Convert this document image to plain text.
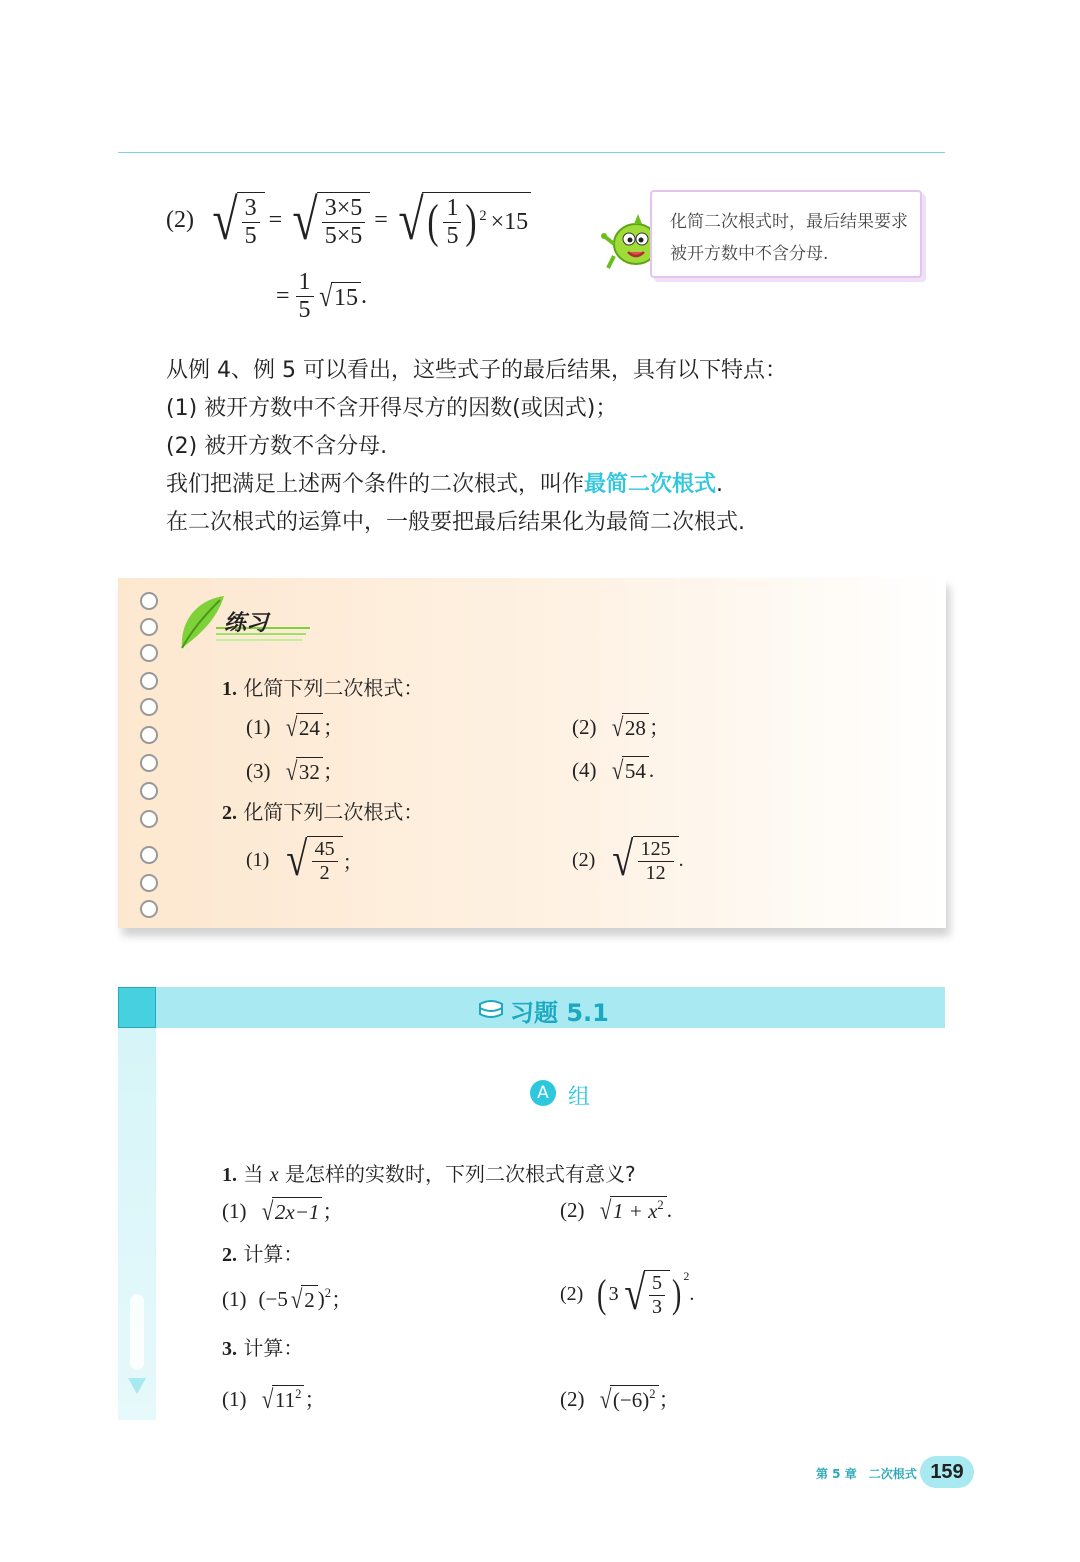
(2) √ $\frac{3}{5}$ = √ $\frac{3\times 5}{5\times 5}$ = √ ( $\frac{1}{5}$ ) 2 ×15
= $\frac{1}{5}$ √ 15 .
化简二次根式时，最后结果要求被开方数中不含分母.
从例 4、例 5 可以看出，这些式子的最后结果，具有以下特点：
(1) 被开方数中不含开得尽方的因数(或因式)；
(2) 被开方数不含分母.
我们把满足上述两个条件的二次根式，叫作最简二次根式.
在二次根式的运算中，一般要把最后结果化为最简二次根式.
练习
1. 化简下列二次根式：
(1) √ 24 ；	(2) √ 28 ；
(3) √ 32 ；	(4) √ 54 .
2. 化简下列二次根式：
(1) √ $\frac{45}{2}$ ；	(2) √ $\frac{125}{12}$ .
习题 5.1
A 组
1. 当 x 是怎样的实数时，下列二次根式有意义?
(1) √ 2x−1 ；	(2) √ 1 + x 2 .
2. 计算：
(1) (−5 √ 2 ) 2 ；	(2) ( 3 √ $\frac{5}{3}$ ) 2
.
3. 计算：
(1) √ 11 2 ；	(2) √ (−6) 2 ；
第 5 章　二次根式 159
